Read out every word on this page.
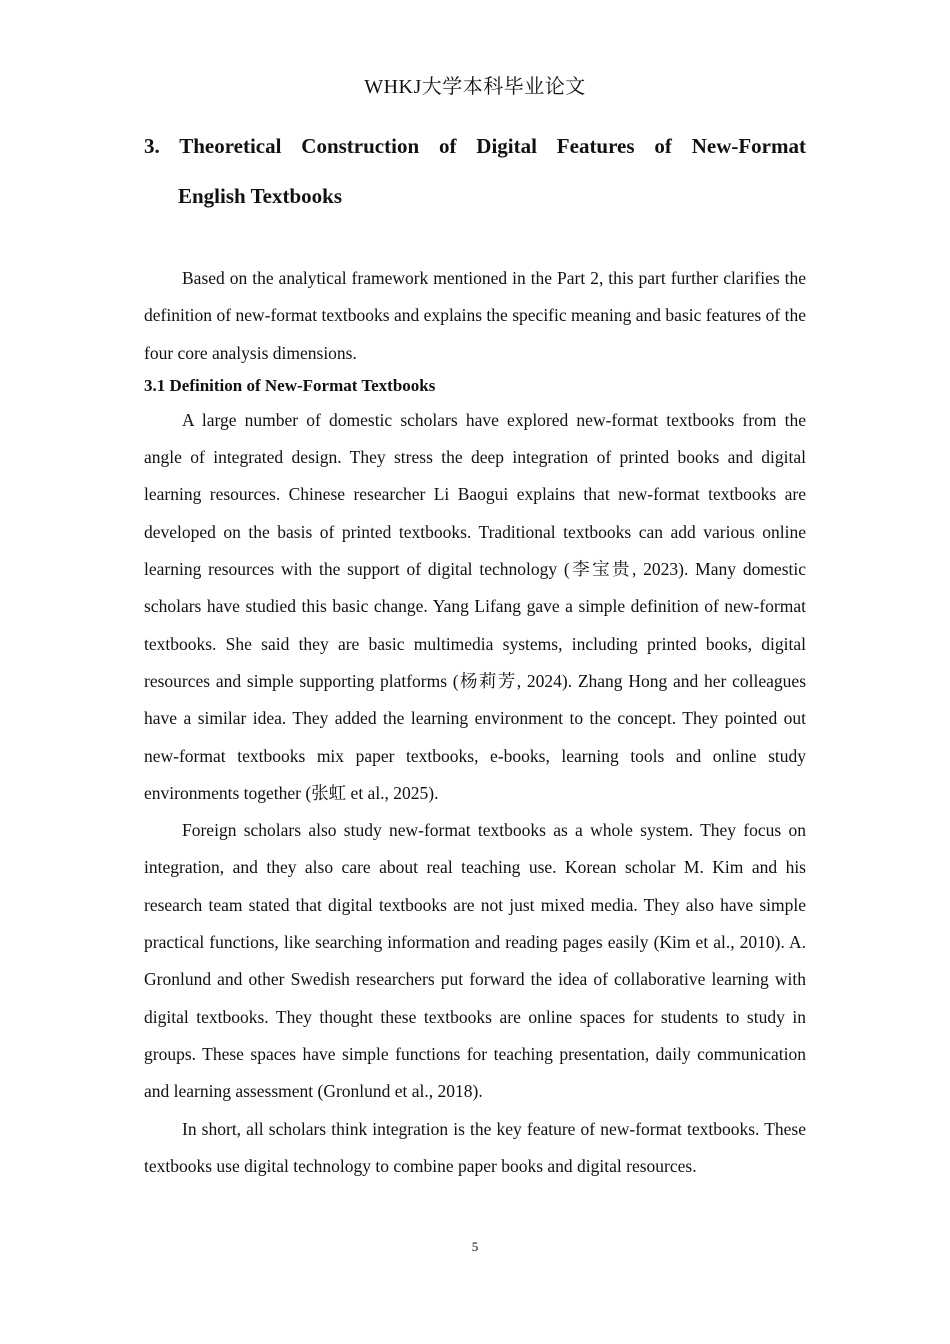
WHKJ大学本科毕业论文
3. Theoretical Construction of Digital Features of New-Format
English Textbooks

Based on the analytical framework mentioned in the Part 2, this part further clarifies the definition of new-format textbooks and explains the specific meaning and basic features of the four core analysis dimensions.

3.1 Definition of New-Format Textbooks

A large number of domestic scholars have explored new-format textbooks from the angle of integrated design. They stress the deep integration of printed books and digital learning resources. Chinese researcher Li Baogui explains that new-format textbooks are developed on the basis of printed textbooks. Traditional textbooks can add various online learning resources with the support of digital technology (李宝贵, 2023). Many domestic scholars have studied this basic change. Yang Lifang gave a simple definition of new-format textbooks. She said they are basic multimedia systems, including printed books, digital resources and simple supporting platforms (杨莉芳, 2024). Zhang Hong and her colleagues have a similar idea. They added the learning environment to the concept. They pointed out new-format textbooks mix paper textbooks, e-books, learning tools and online study environments together (张虹 et al., 2025).

Foreign scholars also study new-format textbooks as a whole system. They focus on integration, and they also care about real teaching use. Korean scholar M. Kim and his research team stated that digital textbooks are not just mixed media. They also have simple practical functions, like searching information and reading pages easily (Kim et al., 2010). A. Gronlund and other Swedish researchers put forward the idea of collaborative learning with digital textbooks. They thought these textbooks are online spaces for students to study in groups. These spaces have simple functions for teaching presentation, daily communication and learning assessment (Gronlund et al., 2018).

In short, all scholars think integration is the key feature of new-format textbooks. These textbooks use digital technology to combine paper books and digital resources.

5
